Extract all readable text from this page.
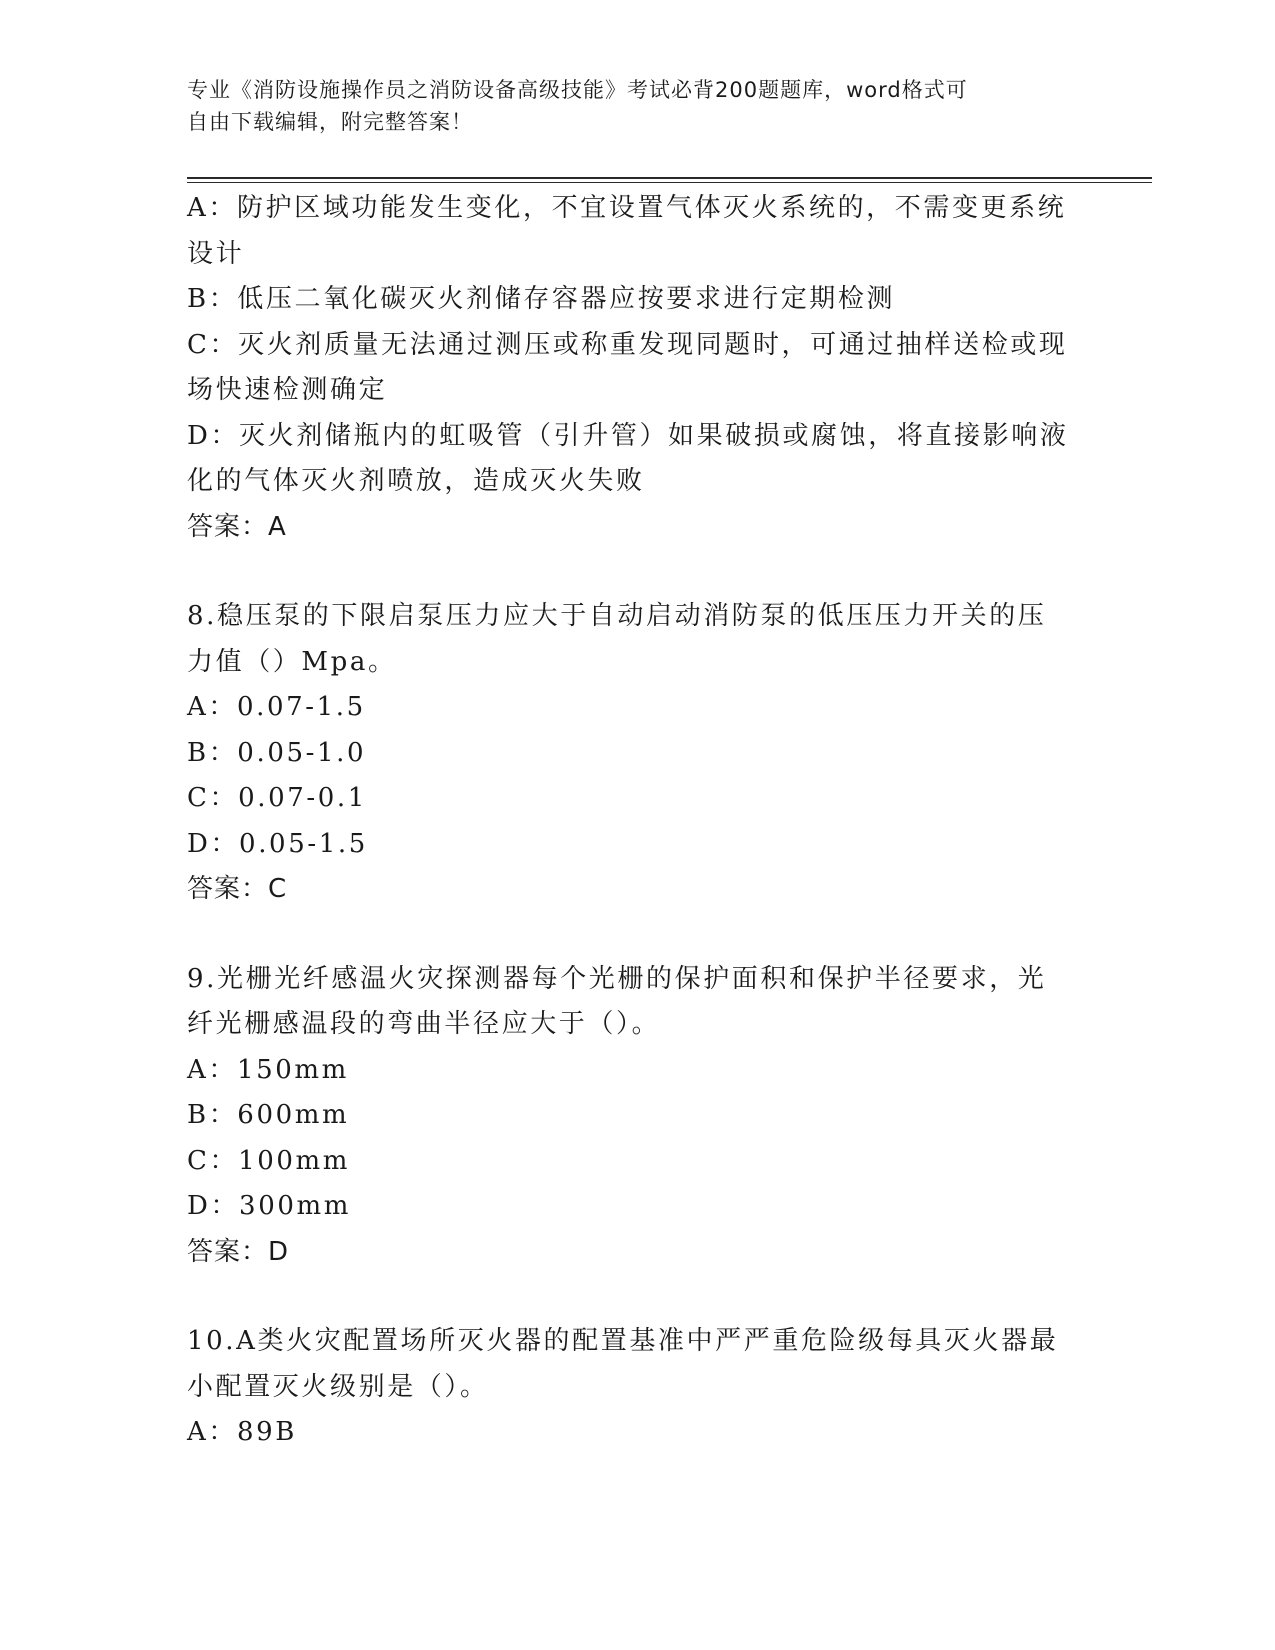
专业《消防设施操作员之消防设备高级技能》考试必背200题题库，word格式可
自由下载编辑，附完整答案！
A：防护区域功能发生变化，不宜设置气体灭火系统的，不需变更系统
设计
B：低压二氧化碳灭火剂储存容器应按要求进行定期检测
C：灭火剂质量无法通过测压或称重发现同题时，可通过抽样送检或现
场快速检测确定
D：灭火剂储瓶内的虹吸管（引升管）如果破损或腐蚀，将直接影响液
化的气体灭火剂喷放，造成灭火失败
答案：A
8.稳压泵的下限启泵压力应大于自动启动消防泵的低压压力开关的压
力值（）Mpa。
A：0.07-1.5
B：0.05-1.0
C：0.07-0.1
D：0.05-1.5
答案：C
9.光栅光纤感温火灾探测器每个光栅的保护面积和保护半径要求，光
纤光栅感温段的弯曲半径应大于（）。
A：150mm
B：600mm
C：100mm
D：300mm
答案：D
10.A类火灾配置场所灭火器的配置基准中严严重危险级每具灭火器最
小配置灭火级别是（）。
A：89B
